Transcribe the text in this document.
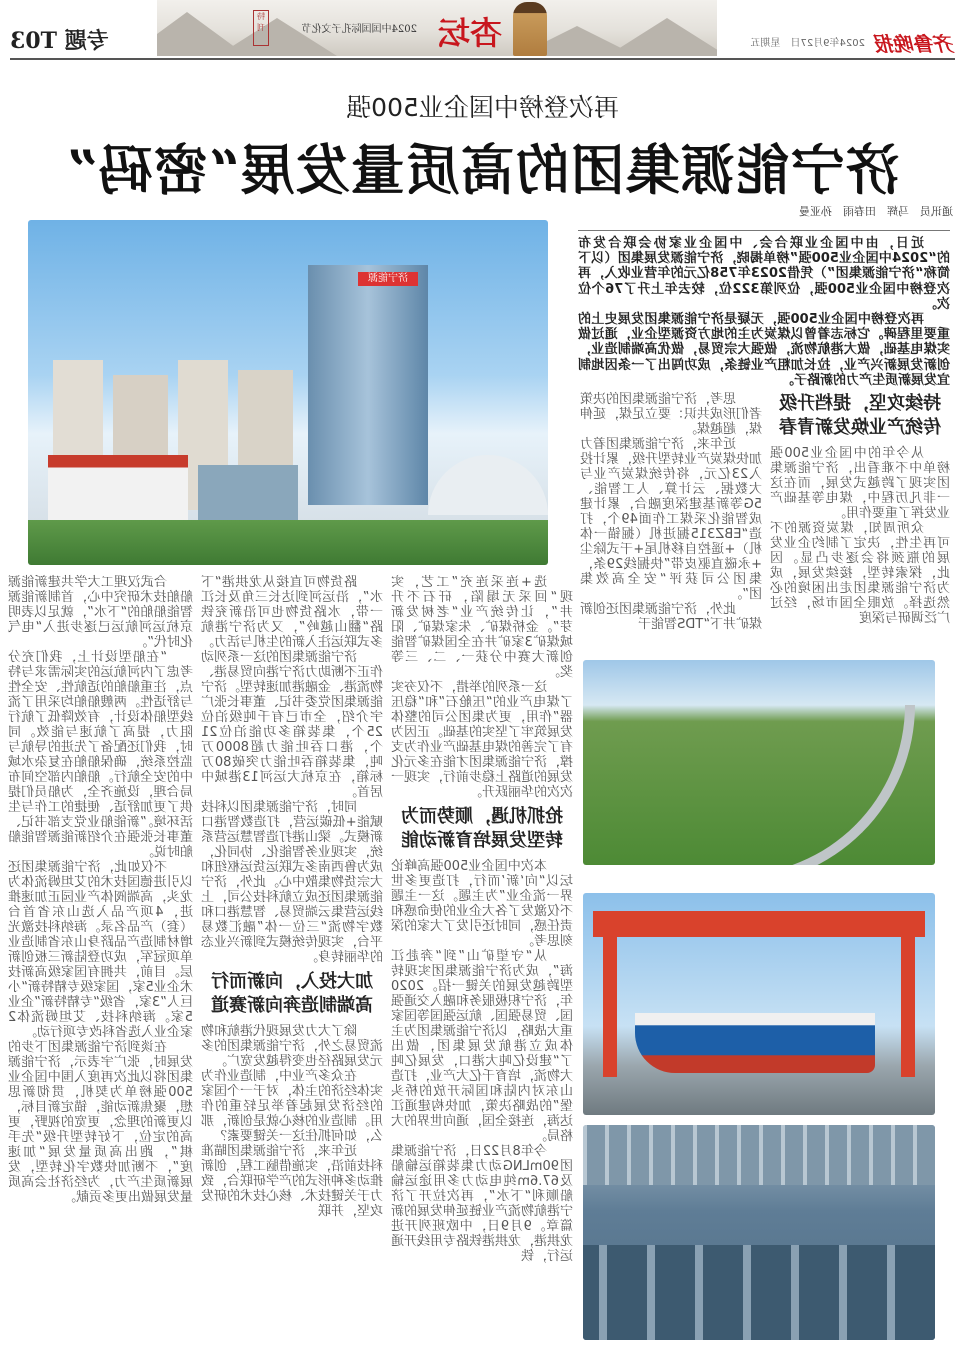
齐鲁晚报
2024年9月27日　星期五
杏坛
2024中国国际孔子文化节
特刊
专题 T03
再次登榜中国企业500强
济宁能源集团的高质量发展“密码”
通讯员　马辉　田春雨　孙亚曼

近日，由中国企业联合会、中国企业家协会联合发布的“2024中国企业500强”榜单揭晓，济宁能源发展集团（以下简称“济宁能源集团”）凭借2023年758亿元的年营业收入，再次登榜中国企业500强，位列第322位，较去年上升了76个位次。

再次登榜中国企业500强，无疑是济宁能源集团发展史上的重要里程碑。它标志着曾以煤炭为主的地方资源型企业，通过做实煤电基础，做大港航物流，做强大宗贸易，做优高端制造业，创新发展新兴产业，拉长加粗产业链条，成功闯出了一条因地制宜发展新质生产力的新路子。

济宁能源
持续攻坚，提档升级
传统产业焕发新青春

从今年的中国企业500强榜单中不难看出，济宁能源集团实现了跨越式发展，而在这一非凡历程中，煤电等基础产业发挥了重要作用。

众所周知，煤炭资源的不可再生性，决定了制约企业发展的瓶颈将会逐步凸显。因此，探索转型，接续发展，成为济宁能源集团走出困境的必然选择。放眼全国市场，经过广泛调研与深度

思考，济宁能源集团的决策者们形成共识：要立足煤，延伸煤，超越煤。

近年来，济宁能源集团着力加快煤炭产业转型升级，累计投入23亿元，将传统煤炭产业与大数据、云计算、人工智能、5G等新基建深度融合，累计建成智能化采煤工作面49个，打造“EBZ315掘进机（掘锚一体机）+遥控自移机尾+干式除尘+永磁直驱皮带”快掘线29条，集团公司获评“安全高效集团”。

此外，济宁能源集团还创新煤矿井下“TDS智能干

选+连采连充”工艺，实现“回采无塌陷，矸石不升井”，让传统产业“老树发新芽”。金桥煤矿、朱家煤矿、阳城煤矿3家矿井在全国煤矿智能创新大赛中分获一、二、三等奖。

这一系列的举措，不仅夯实了煤电产业的“压舱石”和“稳压器”作用，更为集团公司的整体发展筑牢了坚实的基础。正因为有了完善的煤电基础产业作为支撑，济宁能源集团才能在多元化发展的道路上稳步前行，实现一次次的华丽跃升。

抢抓机遇，顺势而为
转型发展培育新动能

本次中国企业500强高峰论坛以“向‘新’而行，打造更多世界一流企业”为主题。这一主题不仅激发了各大企业的使命感和责任感，同时还引发了大家的深刻思考。

从“守望矿山”到“奔赴江海”，成为济宁能源集团实现转型跨越发展的关键一招。2020年，济宁积极服务和融入交通强国、贸易强国、航运强国等国家重大战略，以济宁能源集团为主体成立港航发展集团，做出了“建设亿吨大港口，发展亿吨大物流，培育千亿大产业，打造山东对内陆和国际开放的桥头堡”的战略决策，加快构建通江达海，连接全国，通向世界的大格局。

今年8月22日，济宁能源集团90mLNG动力集装箱运输船及67.6m纯电动力多用途运输船顺利“下水”，再次拉开了济宁港航物流产业链延伸发展的新篇章。9月9日，中欧班列开进龙拱港，龙拱港铁路专用线开通运行，铁

路货物可直接从龙拱港“下水”，沿运河到达长三角及长江一带，水路货物也可沿新兖铁路“翻山越岭”，又为济宁港航多式联运注入新的生机与活力。

济宁能源集团的这一系列动作正不断助力济宁港向贸易港、物流港、金融港加速转型。济宁能源集团党委书记、董事长张广宇介绍，全市已有千吨级泊位25个，集装箱多功能泊位21个，港口吞吐能力超8000万吨，集装箱吞吐能力突破80万标箱，在京杭大运河13港城中居首。

同时，济宁能源集团以科技赋能+低碳运营，打造数智港口新模式。梁山港打造智慧运营系统，实现业务智能化、协同化，成为鲁西南多式联运货运枢纽和大宗货物集散中心。此外，济宁能源集团还成立航科技公司，上线运营集云端贸易、智慧港口和数字物流“三位一体”融汇数易平台，实现传统模式到新兴业态的华丽转身。

加大投入，向新而行
高端制造奔向新赛道

除了大力发展现代港航和物流贸易之外，济宁能源集团的多元发展路径也变得越发宽广。

在众多产业中，制造业作为实体经济的主体，对于一个国家的经济发展起着举足轻重的作用。制造业的核心就是创新，那么，如何抓住这一关键要素？

近年来，济宁能源集团瞄准科技前沿，实施借脑工程，创新推动多种形式的产学研联合，致力于关键技术、核心技术的研发攻坚，并联

合武汉理工大学共建新能源船舶技术研究中心，首制新能源智能船舶的“下水”，就足以表明京杭运河航运已逐步进入“电气化时代”。

“在船型设计上，我们充分考虑了内河航运的实际需求与特点，注重船舶的适航性、安全性与舒适性。两艘船舶均采用了流线型船体设计，有效降低了航行阻力，提高了航速与能效。同时，我们还配备了先进的导航与监控系统，确保船舶在复杂水域中的安全航行。船舶内部空间布局合理，设施齐全，为船员们提供了更加舒适、便捷的工作与生活环境。”新能船业党支部书记、董事长张强在介绍新能源智能船舶时说。

不仅如此，济宁能源集团还以引进德国技术的艾坦姆流体为龙头，高端阀体产业园正加速推进，4项产品入选山东省首台（套）产品名录。海纳科技激光增材制造产品跻身山东省制造业单项冠军，成功登陆新三板创新层。目前，共拥有国家级高新技术企业5家，国家级专精特新“小巨人”3家，省级“专精特新”企业5家。海纳科技、艾坦姆流体2家企业入选省科改专项行动。

在谈到济宁能源集团下步的发展时，张广宇表示，济宁能源集团将以此次再度入围中国企业500强榜单为契机，贯彻新思想，聚焦新动能，锚定新目标，以更新的理念，更宽的视野，更高的定位，下好转型升级“先手棋”，跑出高质量发展“加速度”，不断加快数字化转型，发展新质生产力，为经济社会高质量发展做出更多贡献。
